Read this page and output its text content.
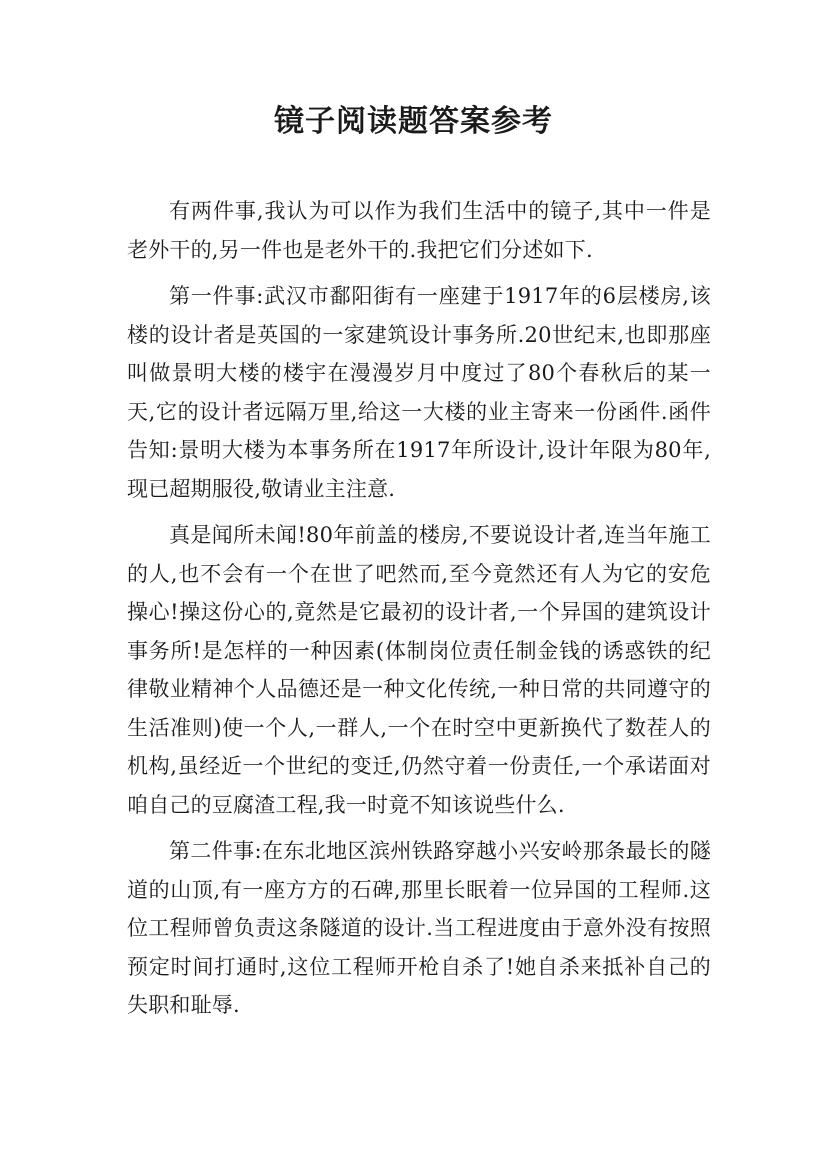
镜子阅读题答案参考

有两件事,我认为可以作为我们生活中的镜子,其中一件是老外干的,另一件也是老外干的.我把它们分述如下.

第一件事:武汉市鄱阳街有一座建于1917年的6层楼房,该楼的设计者是英国的一家建筑设计事务所.20世纪末,也即那座叫做景明大楼的楼宇在漫漫岁月中度过了80个春秋后的某一天,它的设计者远隔万里,给这一大楼的业主寄来一份函件.函件告知:景明大楼为本事务所在1917年所设计,设计年限为80年,现已超期服役,敬请业主注意.

真是闻所未闻!80年前盖的楼房,不要说设计者,连当年施工的人,也不会有一个在世了吧然而,至今竟然还有人为它的安危操心!操这份心的,竟然是它最初的设计者,一个异国的建筑设计事务所!是怎样的一种因素(体制岗位责任制金钱的诱惑铁的纪律敬业精神个人品德还是一种文化传统,一种日常的共同遵守的生活准则)使一个人,一群人,一个在时空中更新换代了数茬人的机构,虽经近一个世纪的变迁,仍然守着一份责任,一个承诺面对咱自己的豆腐渣工程,我一时竟不知该说些什么.

第二件事:在东北地区滨州铁路穿越小兴安岭那条最长的隧道的山顶,有一座方方的石碑,那里长眠着一位异国的工程师.这位工程师曾负责这条隧道的设计.当工程进度由于意外没有按照预定时间打通时,这位工程师开枪自杀了!她自杀来抵补自己的失职和耻辱.
